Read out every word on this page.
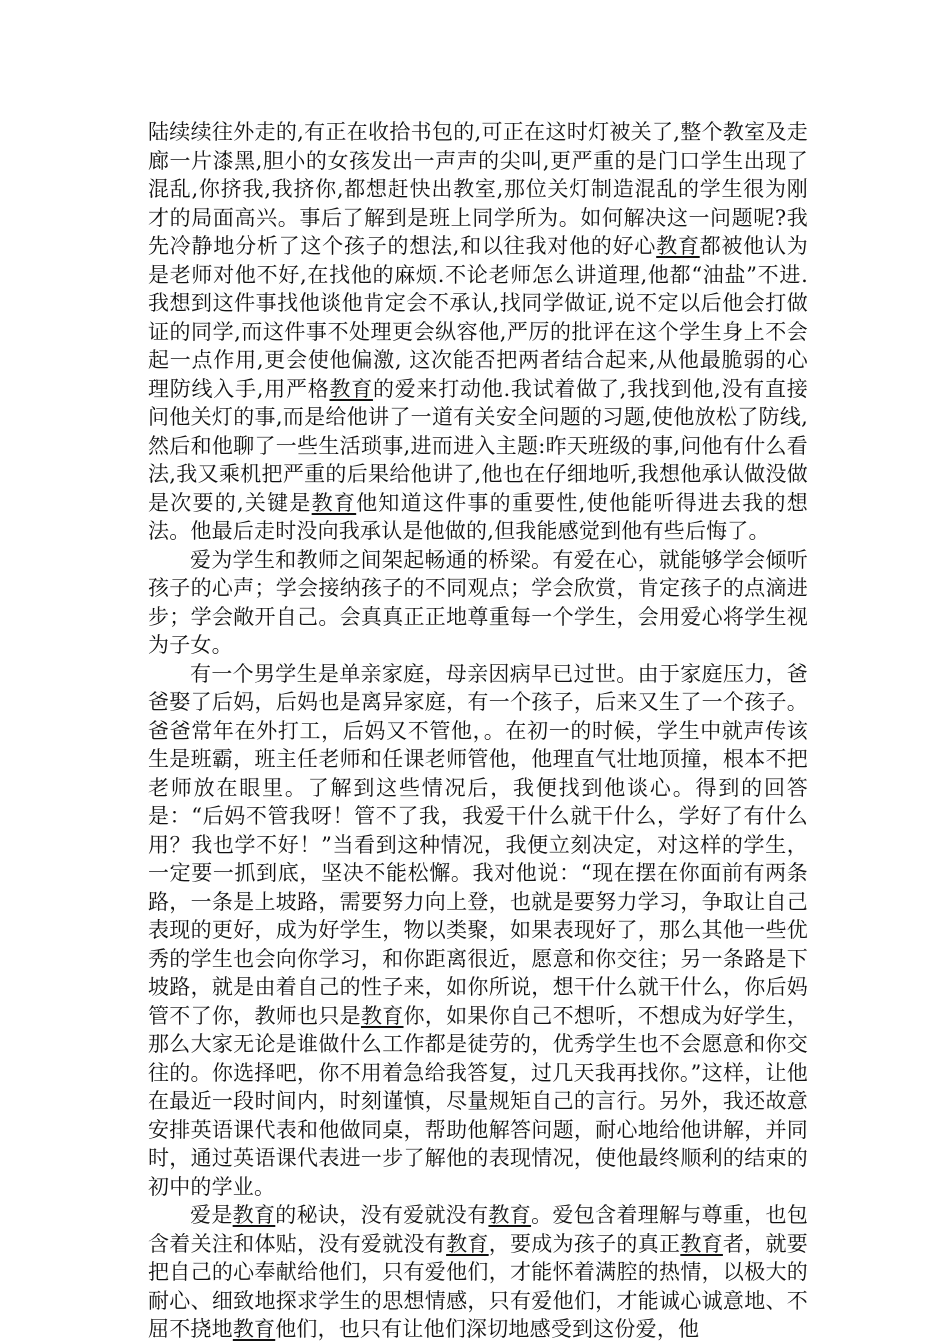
陆续续往外走的,有正在收拾书包的,可正在这时灯被关了,整个教室及走廊一片漆黑,胆小的女孩发出一声声的尖叫,更严重的是门口学生出现了混乱,你挤我,我挤你,都想赶快出教室,那位关灯制造混乱的学生很为刚才的局面高兴。事后了解到是班上同学所为。如何解决这一问题呢?我先冷静地分析了这个孩子的想法,和以往我对他的好心教育都被他认为是老师对他不好,在找他的麻烦.不论老师怎么讲道理,他都“油盐”不进.我想到这件事找他谈他肯定会不承认,找同学做证,说不定以后他会打做证的同学,而这件事不处理更会纵容他,严厉的批评在这个学生身上不会起一点作用,更会使他偏激, 这次能否把两者结合起来,从他最脆弱的心理防线入手,用严格教育的爱来打动他.我试着做了,我找到他,没有直接问他关灯的事,而是给他讲了一道有关安全问题的习题,使他放松了防线,然后和他聊了一些生活琐事,进而进入主题:昨天班级的事,问他有什么看法,我又乘机把严重的后果给他讲了,他也在仔细地听,我想他承认做没做是次要的,关键是教育他知道这件事的重要性,使他能听得进去我的想法。他最后走时没向我承认是他做的,但我能感觉到他有些后悔了。

爱为学生和教师之间架起畅通的桥梁。有爱在心，就能够学会倾听孩子的心声；学会接纳孩子的不同观点；学会欣赏，肯定孩子的点滴进步；学会敞开自己。会真真正正地尊重每一个学生，会用爱心将学生视为子女。

有一个男学生是单亲家庭，母亲因病早已过世。由于家庭压力，爸爸娶了后妈，后妈也是离异家庭，有一个孩子，后来又生了一个孩子。爸爸常年在外打工，后妈又不管他，。在初一的时候，学生中就声传该生是班霸，班主任老师和任课老师管他，他理直气壮地顶撞，根本不把老师放在眼里。了解到这些情况后，我便找到他谈心。得到的回答是：“后妈不管我呀！管不了我，我爱干什么就干什么，学好了有什么用？我也学不好！”当看到这种情况，我便立刻决定，对这样的学生，一定要一抓到底，坚决不能松懈。我对他说：“现在摆在你面前有两条路，一条是上坡路，需要努力向上登，也就是要努力学习，争取让自己表现的更好，成为好学生，物以类聚，如果表现好了，那么其他一些优秀的学生也会向你学习，和你距离很近，愿意和你交往；另一条路是下坡路，就是由着自己的性子来，如你所说，想干什么就干什么，你后妈管不了你，教师也只是教育你，如果你自己不想听，不想成为好学生，那么大家无论是谁做什么工作都是徒劳的，优秀学生也不会愿意和你交往的。你选择吧，你不用着急给我答复，过几天我再找你。”这样，让他在最近一段时间内，时刻谨慎，尽量规矩自己的言行。另外，我还故意安排英语课代表和他做同桌，帮助他解答问题，耐心地给他讲解，并同时，通过英语课代表进一步了解他的表现情况，使他最终顺利的结束的初中的学业。

爱是教育的秘诀，没有爱就没有教育。爱包含着理解与尊重，也包含着关注和体贴，没有爱就没有教育，要成为孩子的真正教育者，就要把自己的心奉献给他们，只有爱他们，才能怀着满腔的热情，以极大的耐心、细致地探求学生的思想情感，只有爱他们，才能诚心诚意地、不屈不挠地教育他们，也只有让他们深切地感受到这份爱，他
